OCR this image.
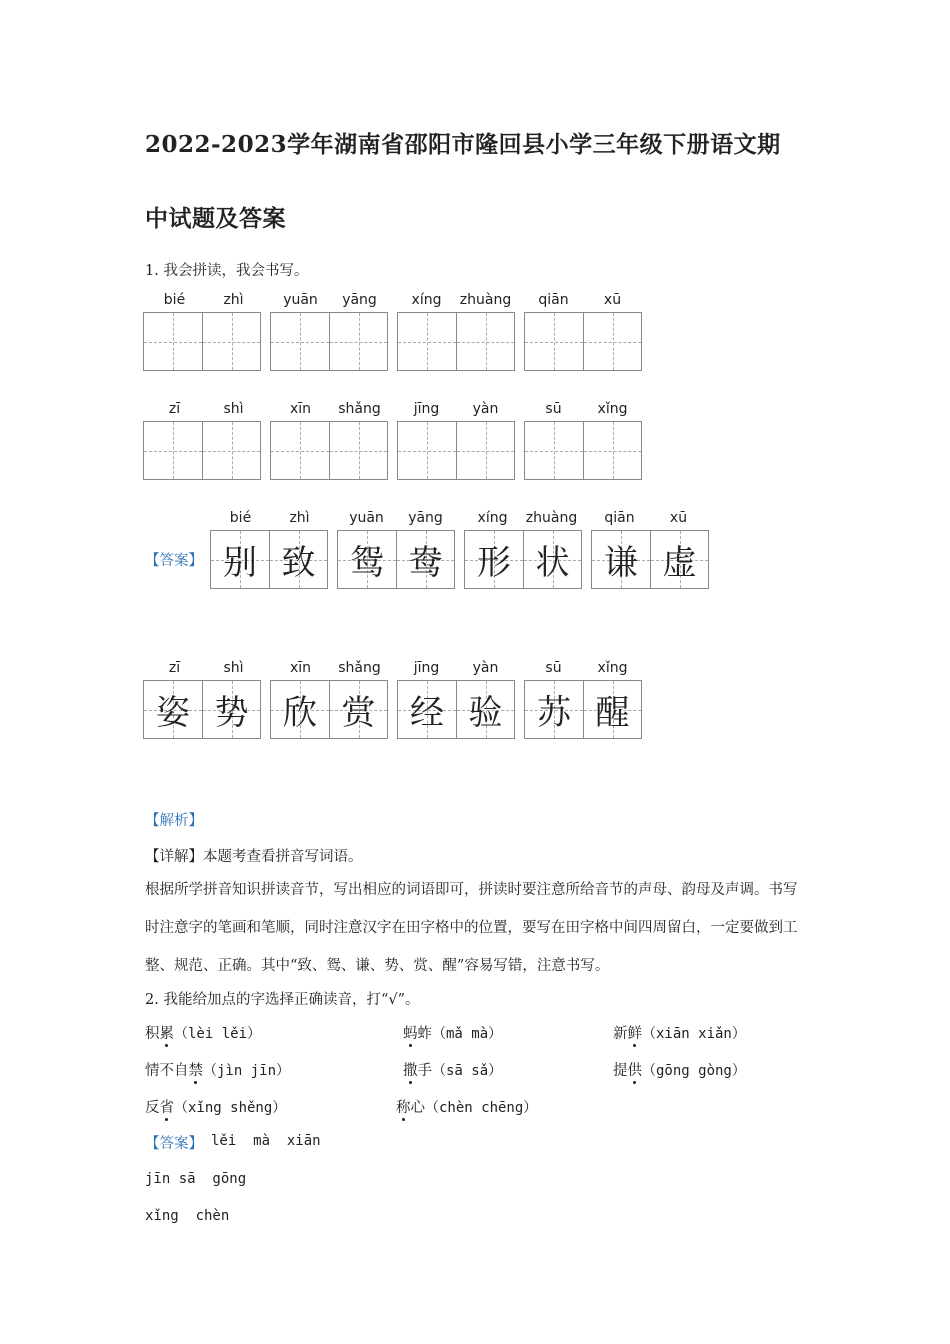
2022-2023学年湖南省邵阳市隆回县小学三年级下册语文期
中试题及答案
1. 我会拼读，我会书写。
bié	zhì	yuān	yāng	xíng	zhuàng	qiān	xū
zī	shì	xīn	shǎng	jīng	yàn	sū	xǐng
【答案】
bié	zhì	yuān	yāng	xíng	zhuàng	qiān	xū
别 致	鸳 鸯	形 状	谦 虚
zī	shì	xīn	shǎng	jīng	yàn	sū	xǐng
姿 势	欣 赏	经 验	苏 醒
【解析】
【详解】本题考查看拼音写词语。
根据所学拼音知识拼读音节，写出相应的词语即可，拼读时要注意所给音节的声母、韵母及声调。书写时注意字的笔画和笔顺，同时注意汉字在田字格中的位置，要写在田字格中间四周留白，一定要做到工整、规范、正确。其中“致、鸳、谦、势、赏、醒”容易写错，注意书写。
2. 我能给加点的字选择正确读音，打“√”。
积累（lèi lěi）	蚂蚱（mǎ mà）	新鲜（xiān xiǎn）
情不自禁（jìn jīn）	撒手（sā sǎ）	提供（gōng gòng）
反省（xǐng shěng）	称心（chèn chēng）
【答案】 lěi  mà  xiān
jīn sā  gōng
xǐng  chèn
